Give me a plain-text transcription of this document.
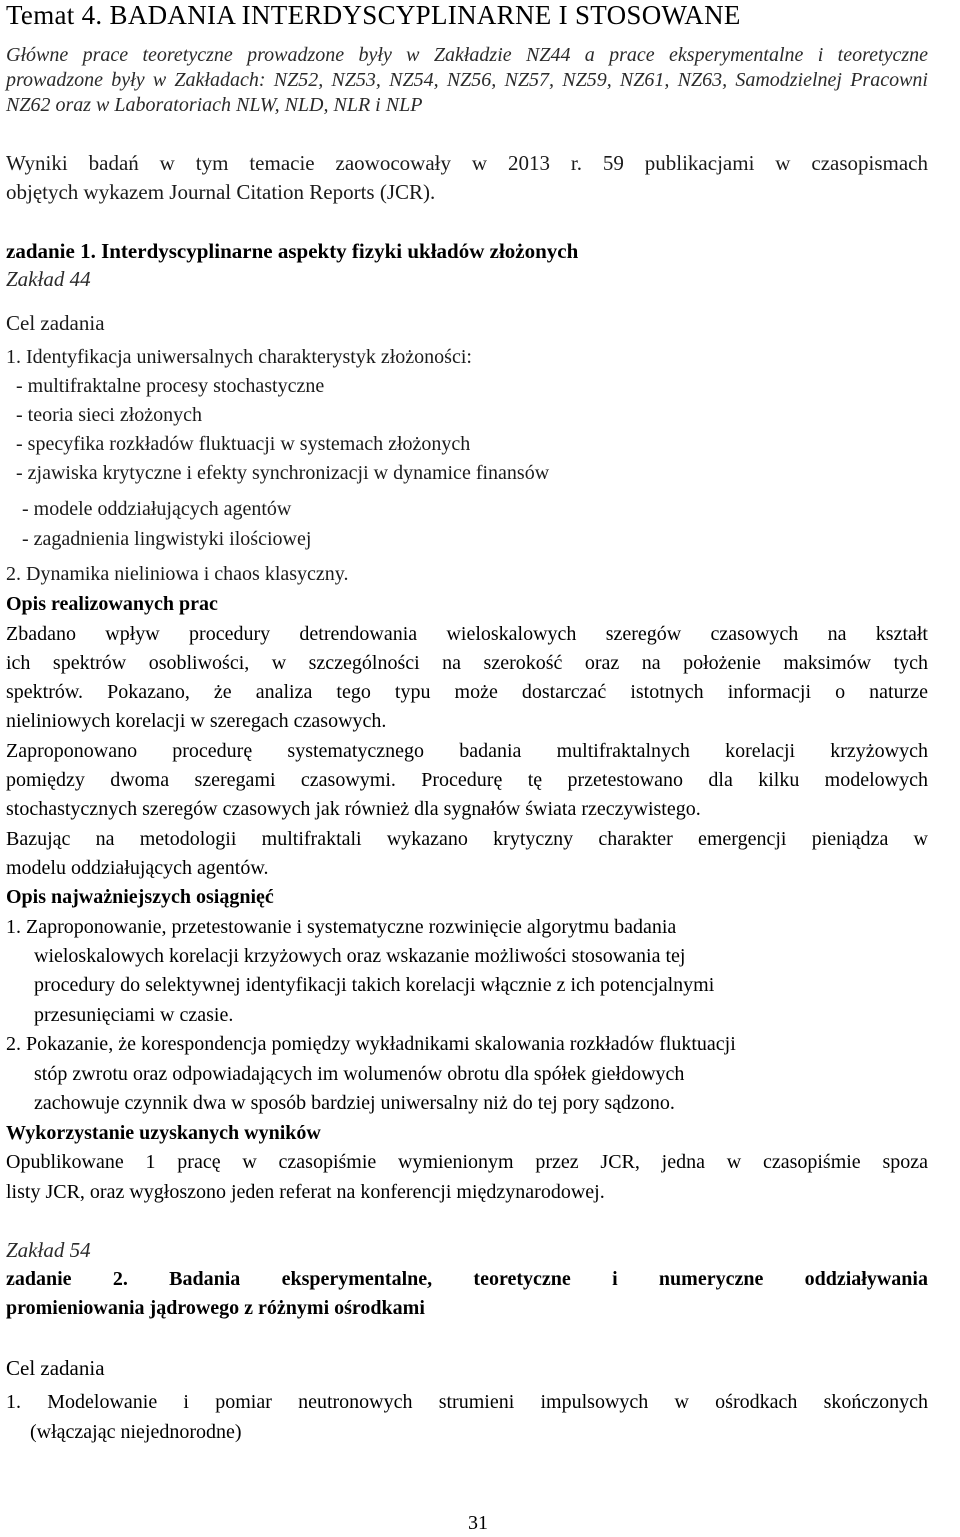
Temat 4. BADANIA INTERDYSCYPLINARNE I STOSOWANE
Główne prace teoretyczne prowadzone były w Zakładzie NZ44 a prace eksperymentalne i teoretyczne
prowadzone były w Zakładach: NZ52, NZ53, NZ54, NZ56, NZ57, NZ59, NZ61, NZ63, Samodzielnej Pracowni
NZ62 oraz w Laboratoriach NLW, NLD, NLR i NLP
Wyniki badań w tym temacie zaowocowały w 2013 r. 59 publikacjami w czasopismach
objętych wykazem Journal Citation Reports (JCR).
zadanie 1. Interdyscyplinarne aspekty fizyki układów złożonych
Zakład 44
Cel zadania
1. Identyfikacja uniwersalnych charakterystyk złożoności:
- multifraktalne procesy stochastyczne
- teoria sieci złożonych
- specyfika rozkładów fluktuacji w systemach złożonych
- zjawiska krytyczne i efekty synchronizacji w dynamice finansów
- modele oddziałujących agentów
- zagadnienia lingwistyki ilościowej
2. Dynamika nieliniowa i chaos klasyczny.
Opis realizowanych prac
Zbadano wpływ procedury detrendowania wieloskalowych szeregów czasowych na kształt
ich spektrów osobliwości, w szczególności na szerokość oraz na położenie maksimów tych
spektrów. Pokazano, że analiza tego typu może dostarczać istotnych informacji o naturze
nieliniowych korelacji w szeregach czasowych.
Zaproponowano procedurę systematycznego badania multifraktalnych korelacji krzyżowych
pomiędzy dwoma szeregami czasowymi. Procedurę tę przetestowano dla kilku modelowych
stochastycznych szeregów czasowych jak również dla sygnałów świata rzeczywistego.
Bazując na metodologii multifraktali wykazano krytyczny charakter emergencji pieniądza w
modelu oddziałujących agentów.
Opis najważniejszych osiągnięć
1. Zaproponowanie, przetestowanie i systematyczne rozwinięcie algorytmu badania
wieloskalowych korelacji krzyżowych oraz wskazanie możliwości stosowania tej
procedury do selektywnej identyfikacji takich korelacji włącznie z ich potencjalnymi
przesunięciami w czasie.
2. Pokazanie, że korespondencja pomiędzy wykładnikami skalowania rozkładów fluktuacji
stóp zwrotu oraz odpowiadających im wolumenów obrotu dla spółek giełdowych
zachowuje czynnik dwa w sposób bardziej uniwersalny niż do tej pory sądzono.
Wykorzystanie uzyskanych wyników
Opublikowane 1 pracę w czasopiśmie wymienionym przez JCR, jedna w czasopiśmie spoza
listy JCR, oraz wygłoszono jeden referat na konferencji międzynarodowej.
Zakład 54
zadanie 2. Badania eksperymentalne, teoretyczne i numeryczne oddziaływania
promieniowania jądrowego z różnymi ośrodkami
Cel zadania
1. Modelowanie i pomiar neutronowych strumieni impulsowych w ośrodkach skończonych
(włączając niejednorodne)
31
